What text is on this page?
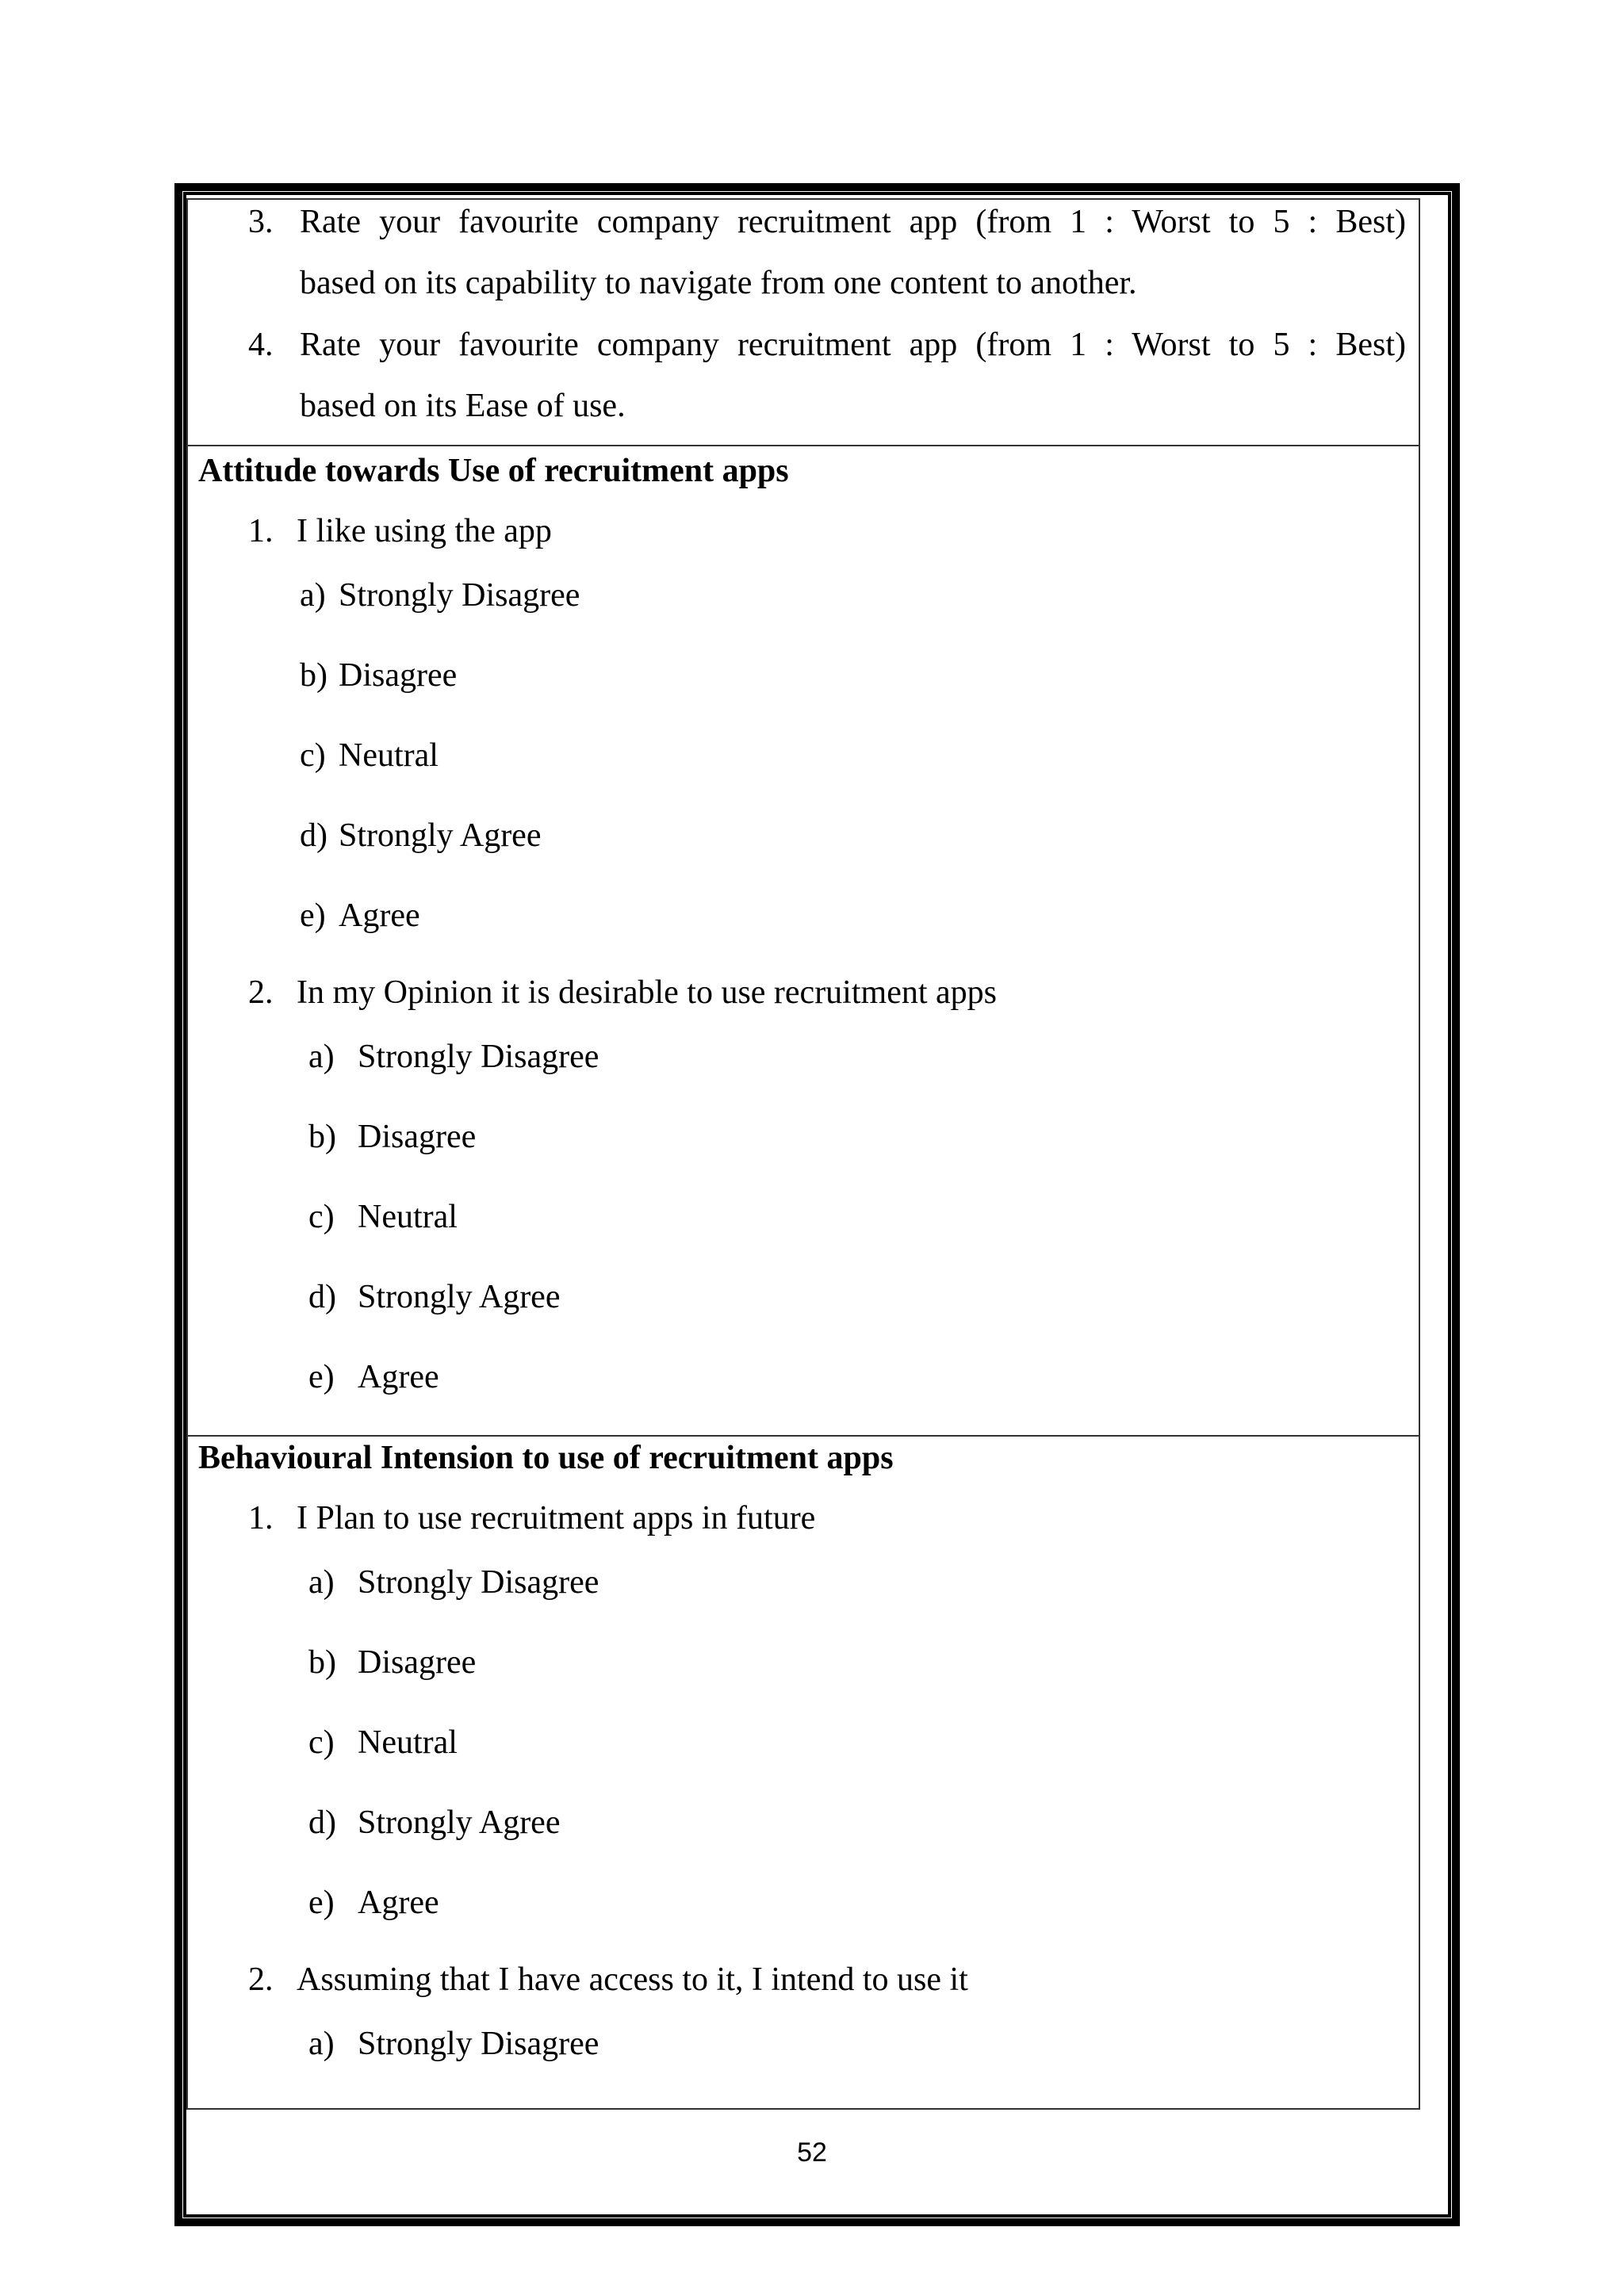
3. Rate your favourite company recruitment app (from 1 : Worst to 5 : Best)
based on its capability to navigate from one content to another.
4. Rate your favourite company recruitment app (from 1 : Worst to 5 : Best)
based on its Ease of use.
Attitude towards Use of recruitment apps
1. I like using the app
a) Strongly Disagree
b) Disagree
c) Neutral
d) Strongly Agree
e) Agree
2. In my Opinion it is desirable to use recruitment apps
a) Strongly Disagree
b) Disagree
c) Neutral
d) Strongly Agree
e) Agree
Behavioural Intension to use of recruitment apps
1. I Plan to use recruitment apps in future
a) Strongly Disagree
b) Disagree
c) Neutral
d) Strongly Agree
e) Agree
2. Assuming that I have access to it, I intend to use it
a) Strongly Disagree
52
